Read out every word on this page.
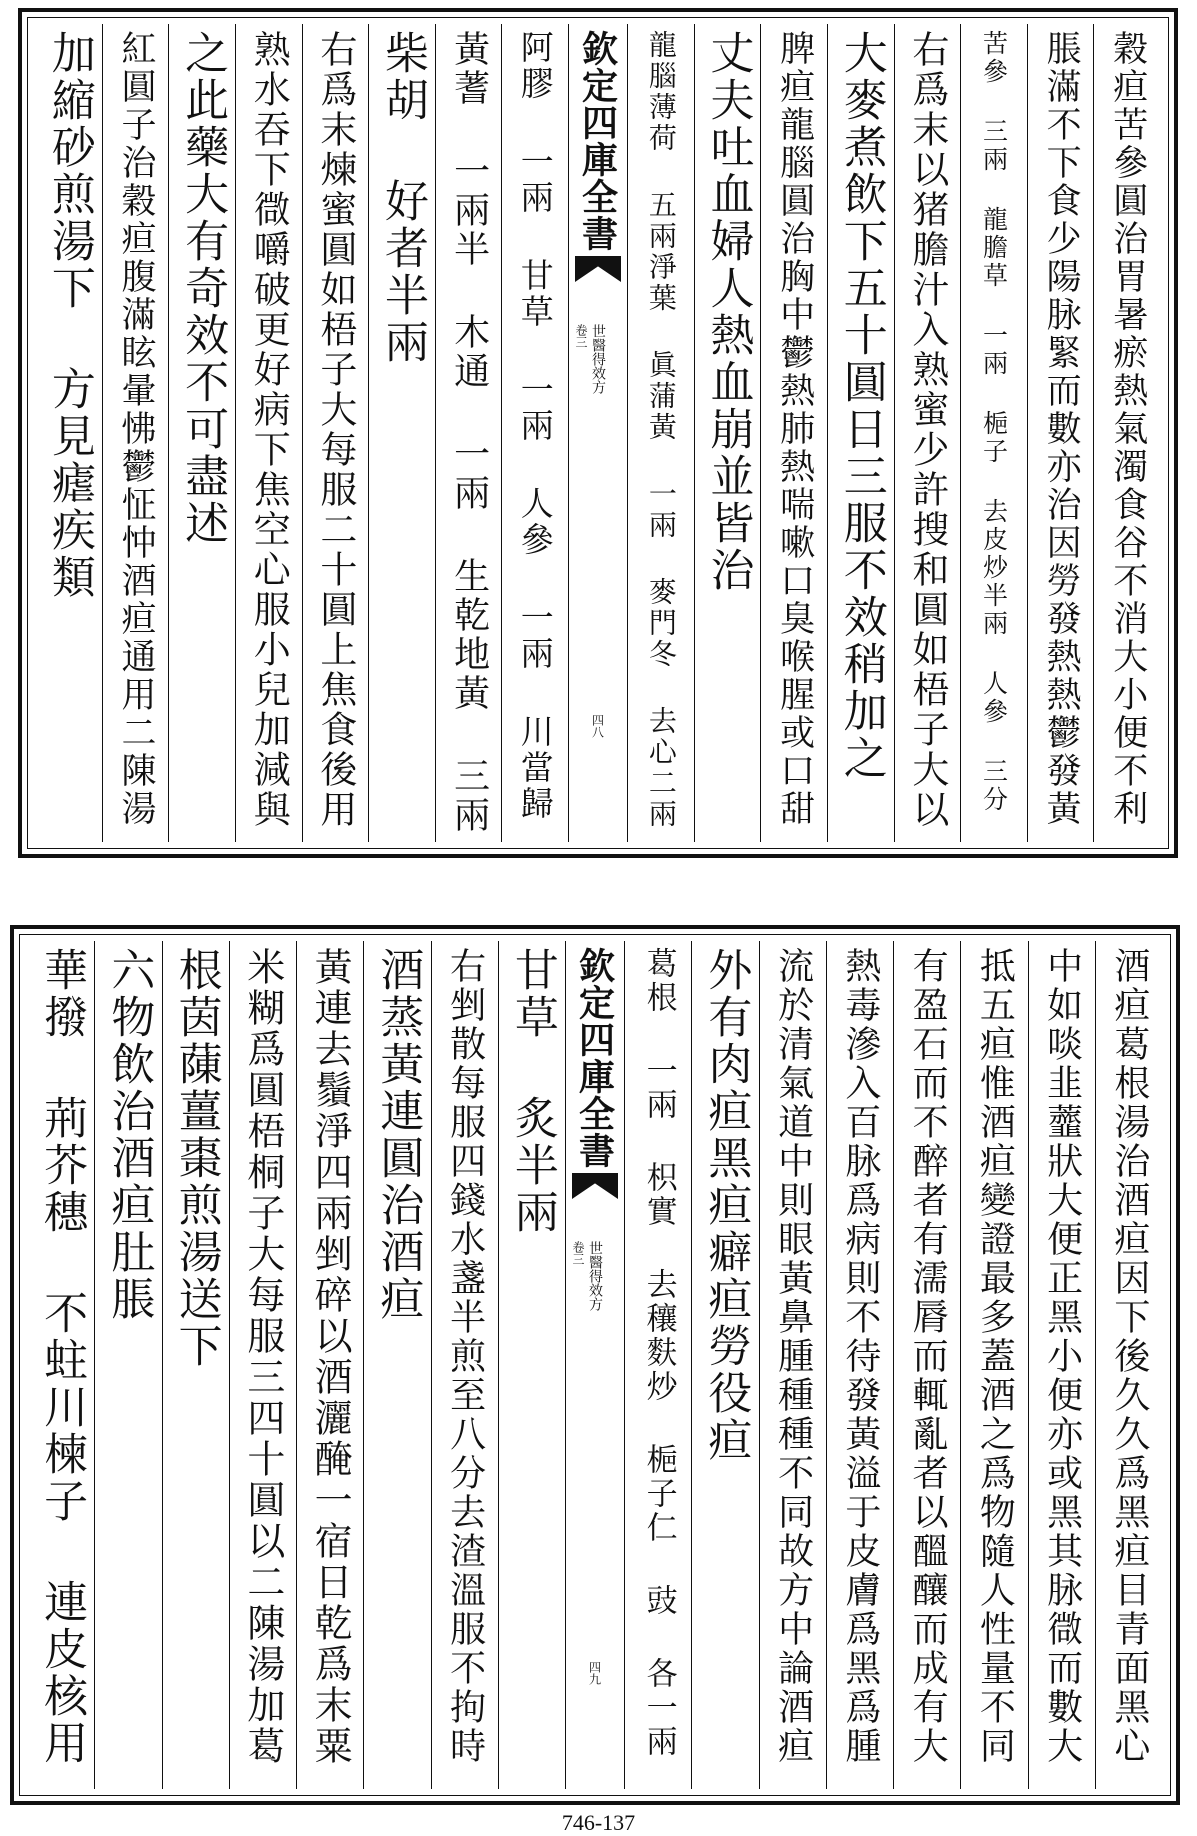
穀疸苦參圓治胃暑瘀熱氣濁食谷不消大小便不利
脹滿不下食少陽脉緊而數亦治因勞發熱熱鬱發黃
苦參 三兩 龍膽草 一兩 梔子 去皮炒半兩 人參 三分
右爲末以猪膽汁入熟蜜少許搜和圓如梧子大以
大麥煮飲下五十圓日三服不效稍加之
脾疸龍腦圓治胸中鬱熱肺熱喘嗽口臭喉腥或口甜
丈夫吐血婦人熱血崩並皆治
龍腦薄荷 五兩淨葉 眞蒲黃 一兩 麥門冬 去心二兩
欽定四庫全書
世醫得效方
卷三
四八
阿膠 一兩 甘草 一兩 人參 一兩 川當歸
黃蓍 一兩半 木通 一兩 生乾地黃 三兩
柴胡 好者半兩
右爲末煉蜜圓如梧子大每服二十圓上焦食後用
熟水吞下㣲嚼破更好病下焦空心服小兒加減與
之此藥大有奇效不可盡述
紅圓子治穀疸腹滿眩暈怫鬱怔忡酒疸通用二陳湯
加縮砂煎湯下 方見瘧疾類
酒疸葛根湯治酒疸因下後久久爲黑疸目青面黑心
中如啖韭虀狀大便正黑小便亦或黑其脉㣲而數大
抵五疸惟酒疸變證最多蓋酒之爲物隨人性量不同
有盈石而不醉者有濡脣而輒亂者以醞釀而成有大
熱毒滲入百脉爲病則不待發黃溢于皮膚爲黑爲腫
流於清氣道中則眼黃鼻腫種種不同故方中論酒疸
外有肉疸黑疸癖疸勞役疸
葛根 一兩 枳實 去穰麩炒 梔子仁 豉 各一兩
欽定四庫全書
世醫得效方
卷三
四九
甘草 炙半兩
右剉散每服四錢水盞半煎至八分去渣溫服不拘時
酒蒸黃連圓治酒疸
黃連去鬚淨四兩剉碎以酒灑醃一宿日乾爲末粟
米糊爲圓梧桐子大每服三四十圓以二陳湯加葛
根茵蔯薑棗煎湯送下
六物飲治酒疸肚脹
華撥 荊芥穗 不蛀川楝子 連皮核用
746-137
